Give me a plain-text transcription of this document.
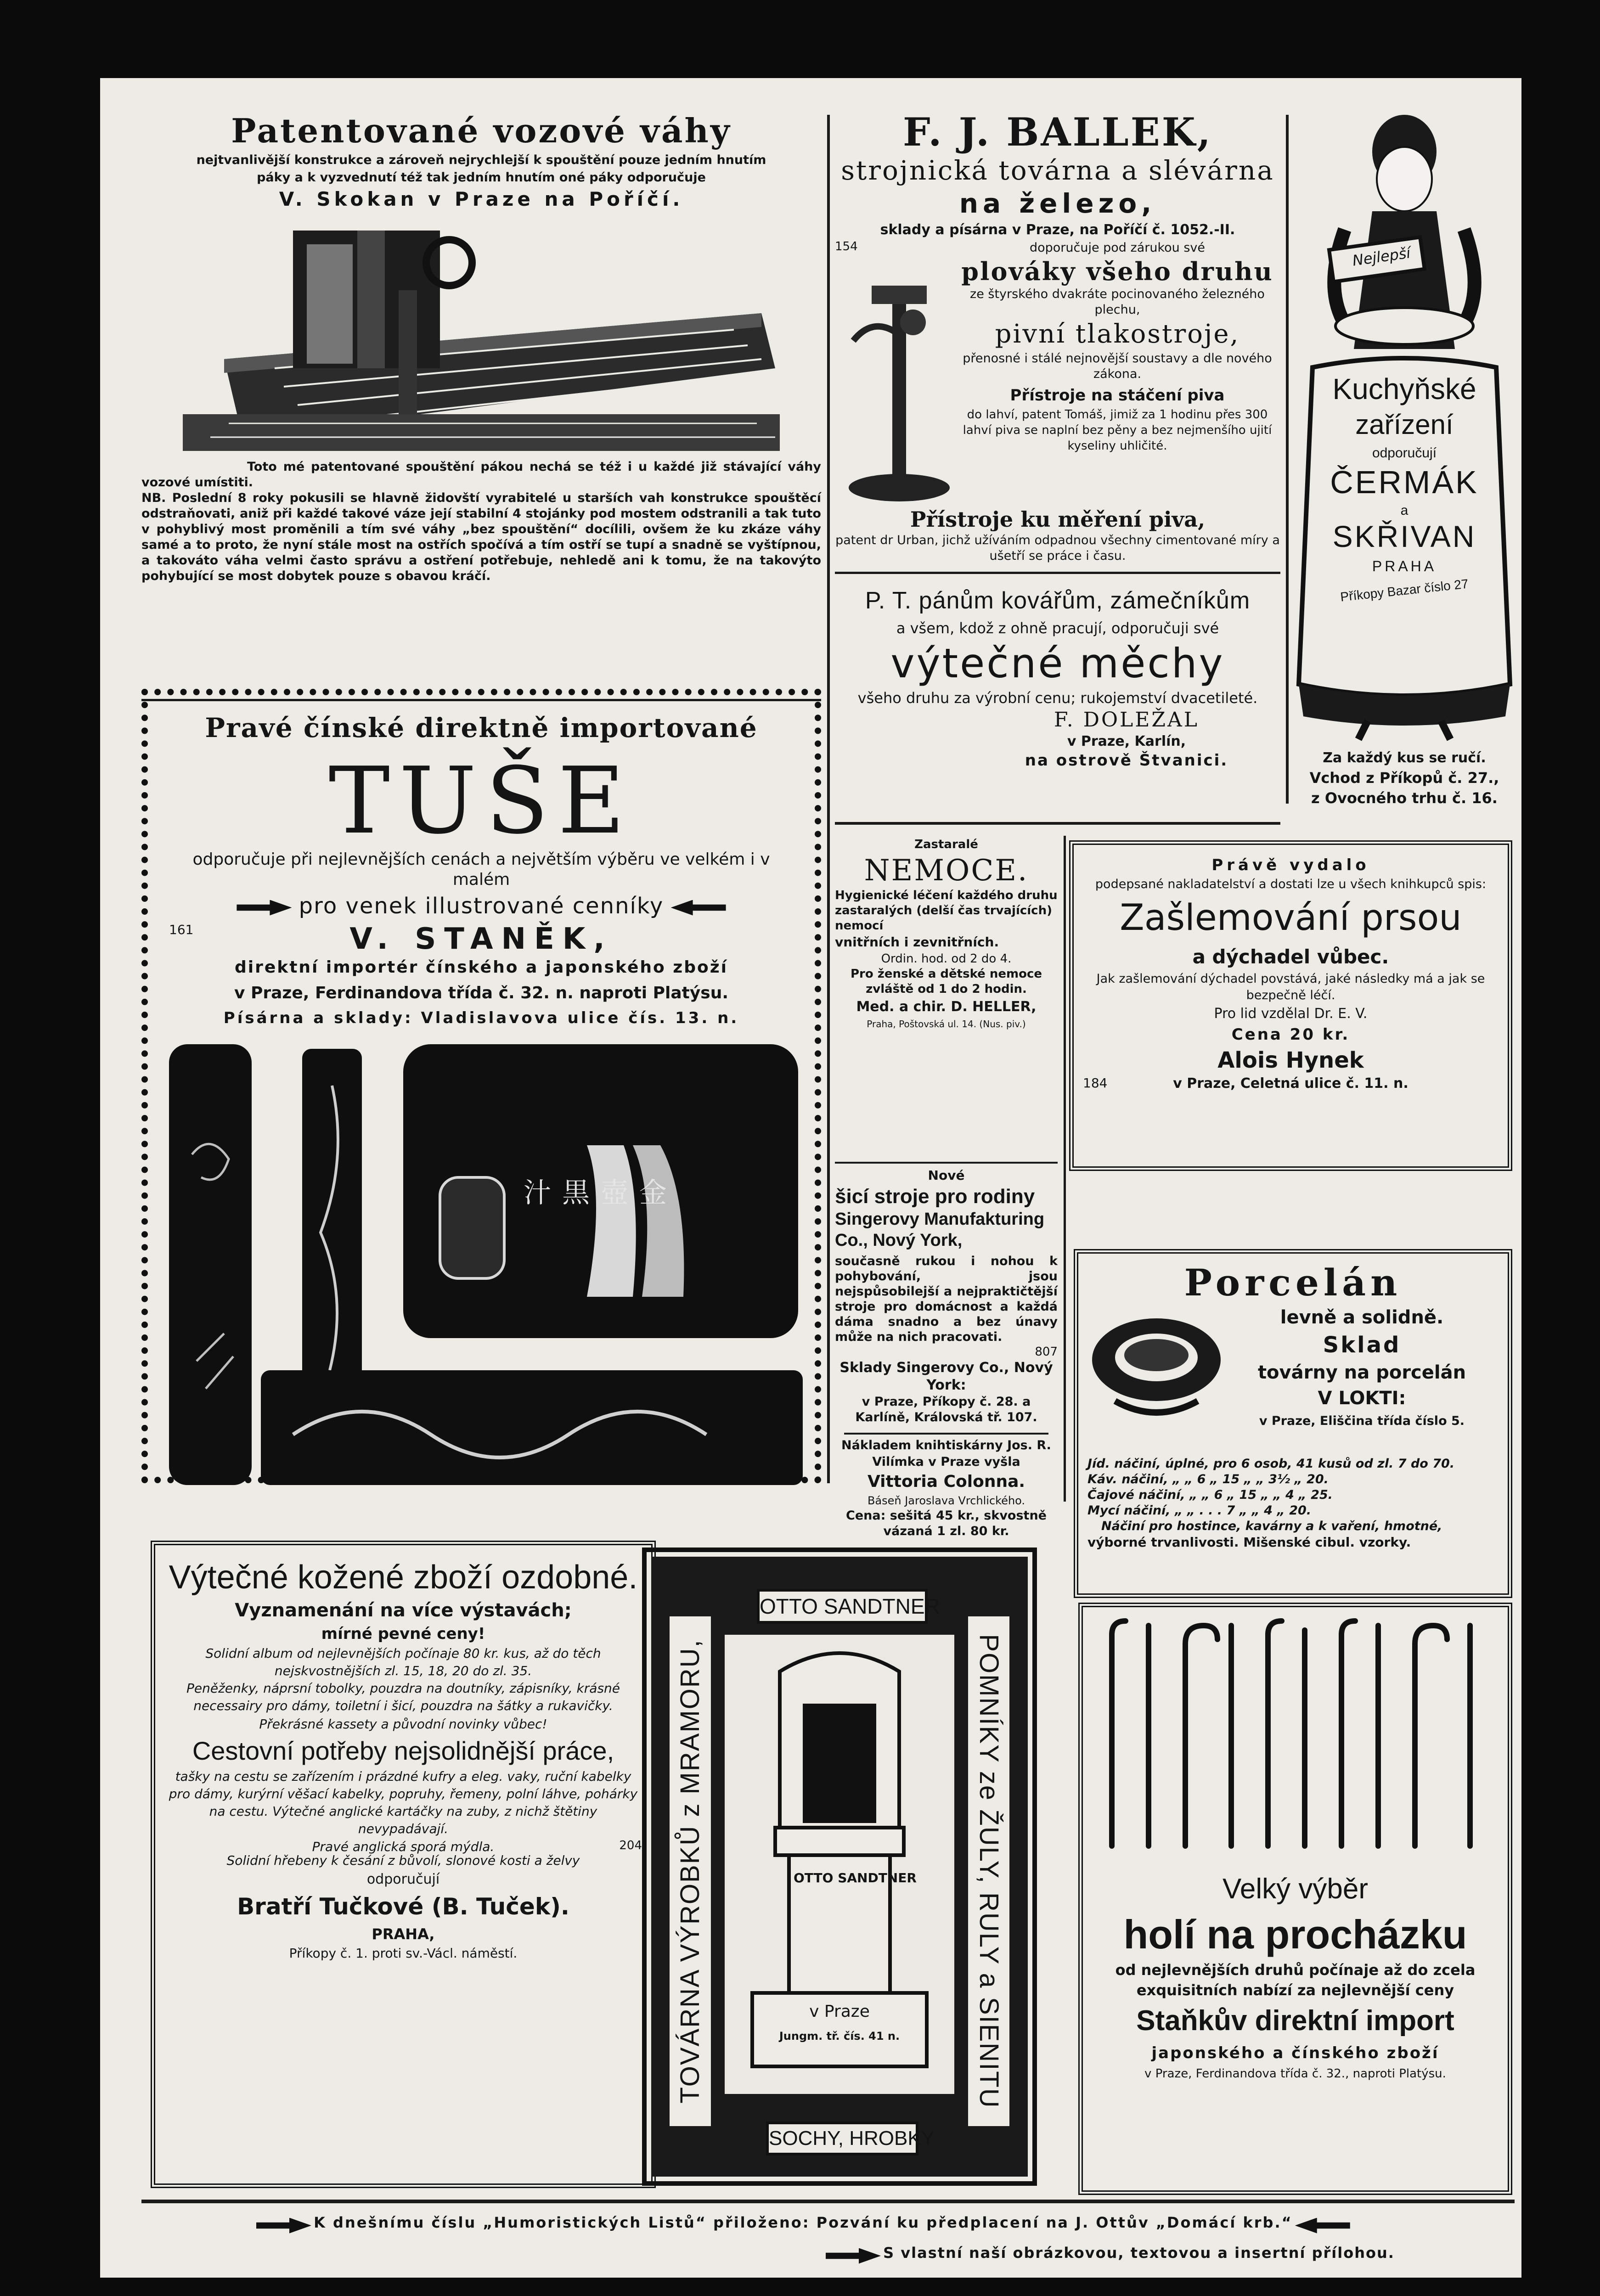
Patentované vozové váhy
nejtvanlivější konstrukce a zároveň nejrychlejší k spouštění pouze jedním hnutím
páky a k vyzvednutí též tak jedním hnutím oné páky odporučuje
V. Skokan v Praze na Poříčí.
Toto mé patentované spouštění pákou nechá se též i u každé již stávající váhy vozové umístiti.
NB. Poslední 8 roky pokusili se hlavně židovští vyrabitelé u starších vah konstrukce spouštěcí odstraňovati, aniž při každé takové váze její stabilní 4 stojánky pod mostem odstranili a tak tuto v pohyblivý most proměnili a tím své váhy „bez spouštění“ docílili, ovšem že ku zkáze váhy samé a to proto, že nyní stále most na ostřích spočívá a tím ostří se tupí a snadně se vyštípnou, a takováto váha velmi často správu a ostření potřebuje, nehledě ani k tomu, že na takovýto pohybující se most dobytek pouze s obavou kráčí.
F. J. BALLEK,
strojnická továrna a slévárna
na železo,
sklady a písárna v Praze, na Poříčí č. 1052.-II.
154	doporučuje pod zárukou své
plováky všeho druhu
ze štyrského dvakráte pocinovaného železného plechu,
pivní tlakostroje,
přenosné i stálé nejnovější soustavy a dle nového zákona.
Přístroje na stáčení piva
do lahví, patent Tomáš, jimiž za 1 hodinu přes 300 lahví piva se naplní bez pěny a bez nejmenšího ujití kyseliny uhličité.
Přístroje ku měření piva,
patent dr Urban, jichž užíváním odpadnou všechny cimentované míry a ušetří se práce i času.
Nejlepší
Kuchyňské
zařízení
odporučují
ČERMÁK
a
SKŘIVAN
PRAHA
Příkopy Bazar číslo 27
Za každý kus se ručí.
Vchod z Příkopů č. 27.,
z Ovocného trhu č. 16.
P. T. pánům kovářům, zámečníkům
a všem, kdož z ohně pracují, odporučuji své
výtečné měchy
všeho druhu za výrobní cenu; rukojemství dvacetileté.
F. DOLEŽAL
v Praze, Karlín,
na ostrově Štvanici.
Pravé čínské direktně importované
TUŠE
odporučuje při nejlevnějších cenách a největším výběru ve velkém i v malém
pro venek illustrované cenníky
161	V. STANĚK,
direktní importér čínského a japonského zboží
v Praze, Ferdinandova třída č. 32. n. naproti Platýsu.
Písárna a sklady: Vladislavova ulice čís. 13. n.
汁黒壺金
Zastaralé
NEMOCE.
Hygienické léčení každého druhu zastaralých (delší čas trvajících) nemocí
vnitřních i zevnitřních.
Ordin. hod. od 2 do 4.
Pro ženské a dětské nemoce zvláště od 1 do 2 hodin.
Med. a chir. D. HELLER,
Praha, Poštovská ul. 14. (Nus. piv.)
Právě vydalo
podepsané nakladatelství a dostati lze u všech knihkupců spis:
Zašlemování prsou
a dýchadel vůbec.
Jak zašlemování dýchadel povstává, jaké následky má a jak se bezpečně léčí.
Pro lid vzdělal Dr. E. V.
Cena 20 kr.
Alois Hynek
184	v Praze, Celetná ulice č. 11. n.
Nové
šicí stroje pro rodiny
Singerovy Manufakturing Co., Nový York,
současně rukou i nohou k pohybování, jsou nejspůsobilejší a nejpraktičtější stroje pro domácnost a každá dáma snadno a bez únavy může na nich pracovati.
807
Sklady Singerovy Co., Nový York:
v Praze, Příkopy č. 28. a Karlíně, Královská tř. 107.
Nákladem knihtiskárny Jos. R. Vilímka v Praze vyšla
Vittoria Colonna.
Báseň Jaroslava Vrchlického.
Cena: sešitá 45 kr., skvostně vázaná 1 zl. 80 kr.
Porcelán
levně a solidně.
Sklad
továrny na porcelán
V LOKTI:
v Praze, Eliščina třída číslo 5.
Jíd. náčiní, úplné, pro 6 osob, 41 kusů od zl. 7 do 70.
Káv. náčiní, „ „ 6 „ 15 „ „ 3½ „ 20.
Čajové náčiní, „ „ 6 „ 15 „ „ 4 „ 25.
Mycí náčiní, „ „ . . . 7 „ „ 4 „ 20.
Náčiní pro hostince, kavárny a k vaření, hmotné,
výborné trvanlivosti. Mišenské cibul. vzorky.
Výtečné kožené zboží ozdobné.
Vyznamenání na více výstavách;
mírné pevné ceny!
Solidní album od nejlevnějších počínaje 80 kr. kus, až do těch nejskvostnějších zl. 15, 18, 20 do zl. 35.
Peněženky, náprsní tobolky, pouzdra na doutníky, zápisníky, krásné necessairy pro dámy, toiletní i šicí, pouzdra na šátky a rukavičky.
Překrásné kassety a původní novinky vůbec!
Cestovní potřeby nejsolidnější práce,
tašky na cestu se zařízením i prázdné kufry a eleg. vaky, ruční kabelky pro dámy, kurýrní věšací kabelky, popruhy, řemeny, polní láhve, pohárky na cestu. Výtečné anglické kartáčky na zuby, z nichž štětiny nevypadávají.
Pravé anglická sporá mýdla.	204
Solidní hřebeny k česání z bůvolí, slonové kosti a želvy
odporučují
Bratří Tučkové (B. Tuček).
PRAHA,
Příkopy č. 1. proti sv.-Václ. náměstí.
OTTO SANDTNER
TOVÁRNA VÝROBKŮ z MRAMORU,	POMNÍKY ze ŽULY, RULY a SIENITU
OTTO SANDTNER
v Praze
Jungm. tř. čís. 41 n.
SOCHY, HROBKY
Velký výběr
holí na procházku
od nejlevnějších druhů počínaje až do zcela exquisitních nabízí za nejlevnější ceny
Staňkův direktní import
japonského a čínského zboží
v Praze, Ferdinandova třída č. 32., naproti Platýsu.
K dnešnímu číslu „Humoristických Listů“ přiloženo: Pozvání ku předplacení na J. Ottův „Domácí krb.“
S vlastní naší obrázkovou, textovou a insertní přílohou.
